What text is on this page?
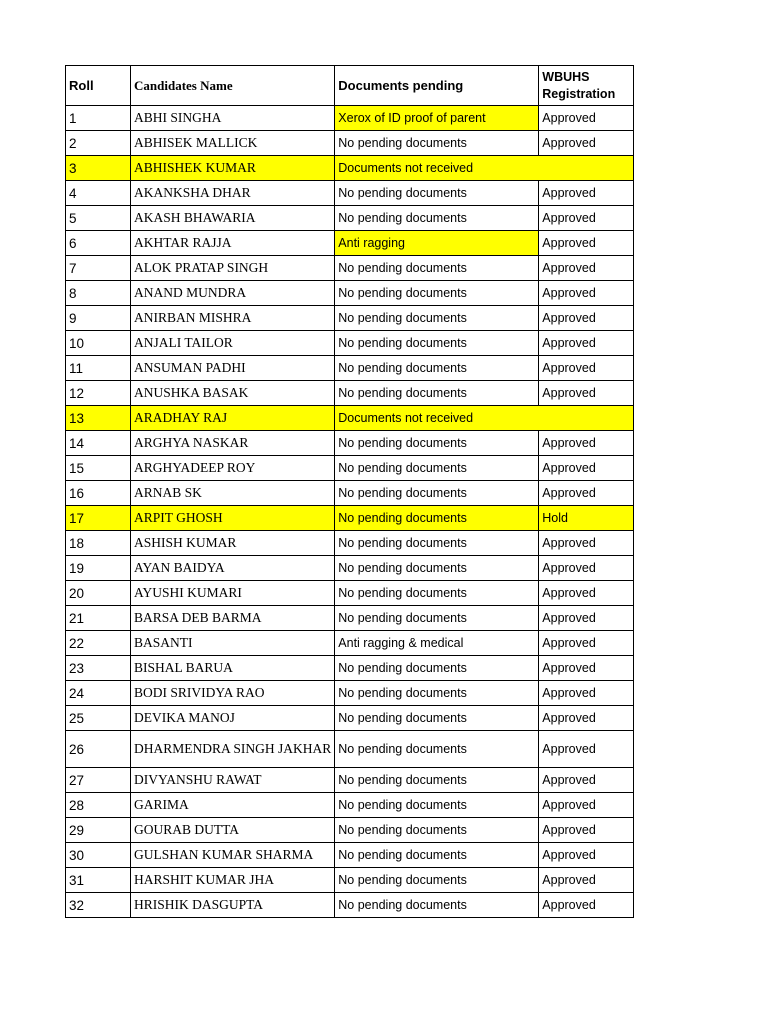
Roll	Candidates Name	Documents pending	WBUHS
Registration
1	ABHI SINGHA	Xerox of ID proof of parent	Approved
2	ABHISEK MALLICK	No pending documents	Approved
3	ABHISHEK KUMAR	Documents not received	
4	AKANKSHA DHAR	No pending documents	Approved
5	AKASH BHAWARIA	No pending documents	Approved
6	AKHTAR RAJJA	Anti ragging	Approved
7	ALOK PRATAP SINGH	No pending documents	Approved
8	ANAND MUNDRA	No pending documents	Approved
9	ANIRBAN MISHRA	No pending documents	Approved
10	ANJALI TAILOR	No pending documents	Approved
11	ANSUMAN PADHI	No pending documents	Approved
12	ANUSHKA BASAK	No pending documents	Approved
13	ARADHAY RAJ	Documents not received	
14	ARGHYA NASKAR	No pending documents	Approved
15	ARGHYADEEP ROY	No pending documents	Approved
16	ARNAB SK	No pending documents	Approved
17	ARPIT GHOSH	No pending documents	Hold
18	ASHISH KUMAR	No pending documents	Approved
19	AYAN BAIDYA	No pending documents	Approved
20	AYUSHI KUMARI	No pending documents	Approved
21	BARSA DEB BARMA	No pending documents	Approved
22	BASANTI	Anti ragging & medical	Approved
23	BISHAL BARUA	No pending documents	Approved
24	BODI SRIVIDYA RAO	No pending documents	Approved
25	DEVIKA MANOJ	No pending documents	Approved
26	DHARMENDRA SINGH JAKHAR	No pending documents	Approved
27	DIVYANSHU RAWAT	No pending documents	Approved
28	GARIMA	No pending documents	Approved
29	GOURAB DUTTA	No pending documents	Approved
30	GULSHAN KUMAR SHARMA	No pending documents	Approved
31	HARSHIT KUMAR JHA	No pending documents	Approved
32	HRISHIK DASGUPTA	No pending documents	Approved
